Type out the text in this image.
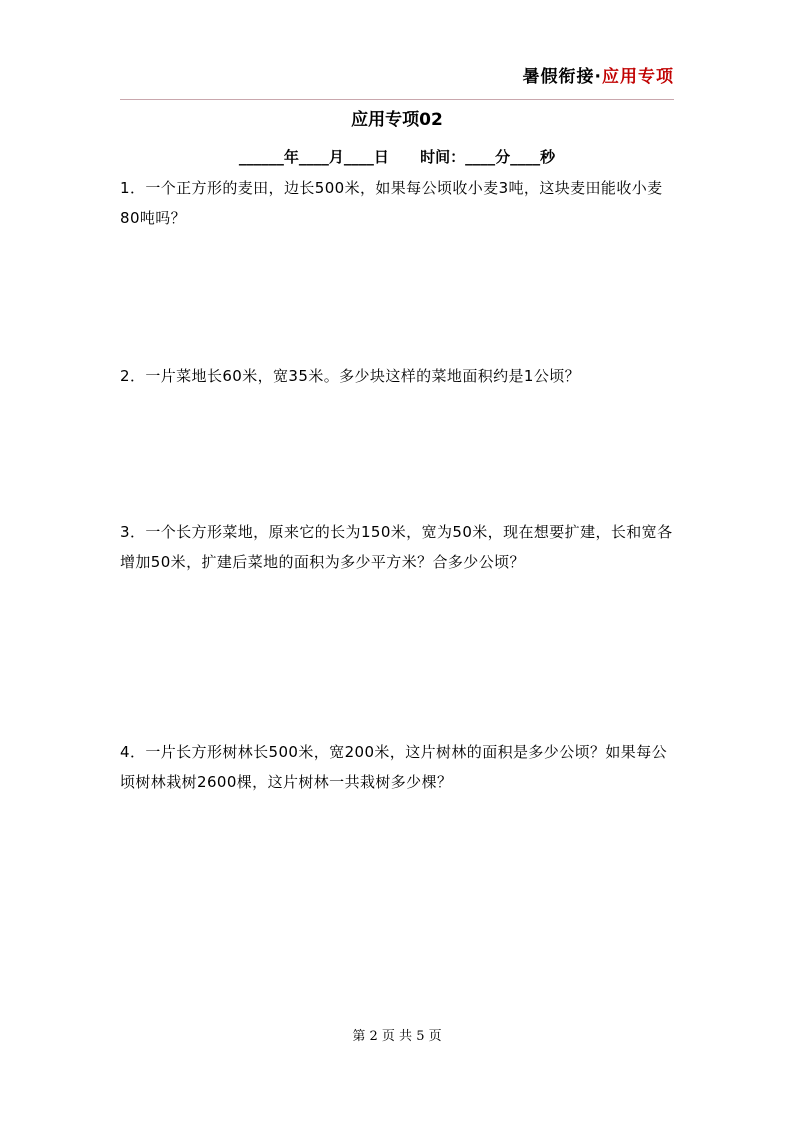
暑假衔接·应用专项
应用专项02
______年____月____日      时间：____分____秒
1．一个正方形的麦田，边长500米，如果每公顷收小麦3吨，这块麦田能收小麦80吨吗？
2．一片菜地长60米，宽35米。多少块这样的菜地面积约是1公顷？
3．一个长方形菜地，原来它的长为150米，宽为50米，现在想要扩建，长和宽各增加50米，扩建后菜地的面积为多少平方米？合多少公顷？
4．一片长方形树林长500米，宽200米，这片树林的面积是多少公顷？如果每公顷树林栽树2600棵，这片树林一共栽树多少棵？
第 2 页 共 5 页
